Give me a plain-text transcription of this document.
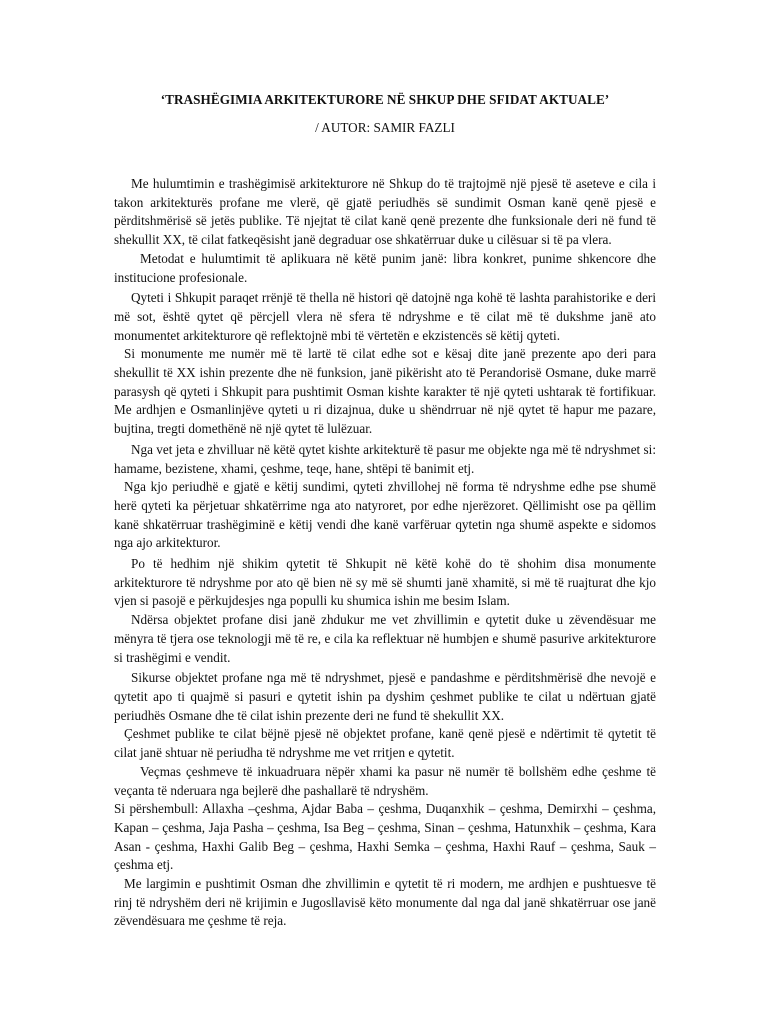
‘TRASHËGIMIA ARKITEKTURORE NË SHKUP DHE SFIDAT AKTUALE’
/ AUTOR: SAMIR FAZLI

Me hulumtimin e trashëgimisë arkitekturore në Shkup do të trajtojmë një pjesë të aseteve e cila i takon arkitekturës profane me vlerë, që gjatë periudhës së sundimit Osman kanë qenë pjesë e përditshmërisë së jetës publike. Të njejtat të cilat kanë qenë prezente dhe funksionale deri në fund të shekullit XX, të cilat fatkeqësisht janë degraduar ose shkatërruar duke u cilësuar si të pa vlera.

Metodat e hulumtimit të aplikuara në këtë punim janë: libra konkret, punime shkencore dhe institucione profesionale.

Qyteti i Shkupit paraqet rrënjë të thella në histori që datojnë nga kohë të lashta parahistorike e deri më sot, është qytet që përcjell vlera në sfera të ndryshme e të cilat më të dukshme janë ato monumentet arkitekturore që reflektojnë mbi të vërtetën e ekzistencës së këtij qyteti.

Si monumente me numër më të lartë të cilat edhe sot e kësaj dite janë prezente apo deri para shekullit të XX ishin prezente dhe në funksion, janë pikërisht ato të Perandorisë Osmane, duke marrë parasysh që qyteti i Shkupit para pushtimit Osman kishte karakter të një qyteti ushtarak të fortifikuar. Me ardhjen e Osmanlinjëve qyteti u ri dizajnua, duke u shëndrruar në një qytet të hapur me pazare, bujtina, tregti domethënë në një qytet të lulëzuar.

Nga vet jeta e zhvilluar në këtë qytet kishte arkitekturë të pasur me objekte nga më të ndryshmet si: hamame, bezistene, xhami, çeshme, teqe, hane, shtëpi të banimit etj.

Nga kjo periudhë e gjatë e këtij sundimi, qyteti zhvillohej në forma të ndryshme edhe pse shumë herë qyteti ka përjetuar shkatërrime nga ato natyroret, por edhe njerëzoret. Qëllimisht ose pa qëllim kanë shkatërruar trashëgiminë e këtij vendi dhe kanë varfëruar qytetin nga shumë aspekte e sidomos nga ajo arkitekturor.

Po të hedhim një shikim qytetit të Shkupit në këtë kohë do të shohim disa monumente arkitekturore të ndryshme por ato që bien në sy më së shumti janë xhamitë, si më të ruajturat dhe kjo vjen si pasojë e përkujdesjes nga populli ku shumica ishin me besim Islam.

Ndërsa objektet profane disi janë zhdukur me vet zhvillimin e qytetit duke u zëvendësuar me mënyra të tjera ose teknologji më të re, e cila ka reflektuar në humbjen e shumë pasurive arkitekturore si trashëgimi e vendit.

Sikurse objektet profane nga më të ndryshmet, pjesë e pandashme e përditshmërisë dhe nevojë e qytetit apo ti quajmë si pasuri e qytetit ishin pa dyshim çeshmet publike te cilat u ndërtuan gjatë periudhës Osmane dhe të cilat ishin prezente deri ne fund të shekullit XX.

Çeshmet publike te cilat bëjnë pjesë në objektet profane, kanë qenë pjesë e ndërtimit të qytetit të cilat janë shtuar në periudha të ndryshme me vet rritjen e qytetit.

Veçmas çeshmeve të inkuadruara nëpër xhami ka pasur në numër të bollshëm edhe çeshme të veçanta të nderuara nga bejlerë dhe pashallarë të ndryshëm.

Si përshembull: Allaxha –çeshma, Ajdar Baba – çeshma, Duqanxhik – çeshma, Demirxhi – çeshma, Kapan – çeshma, Jaja Pasha – çeshma, Isa Beg – çeshma, Sinan – çeshma, Hatunxhik – çeshma, Kara Asan - çeshma, Haxhi Galib Beg – çeshma, Haxhi Semka – çeshma, Haxhi Rauf – çeshma, Sauk – çeshma etj.

Me largimin e pushtimit Osman dhe zhvillimin e qytetit të ri modern, me ardhjen e pushtuesve të rinj të ndryshëm deri në krijimin e Jugosllavisë këto monumente dal nga dal janë shkatërruar ose janë zëvendësuara me çeshme të reja.
